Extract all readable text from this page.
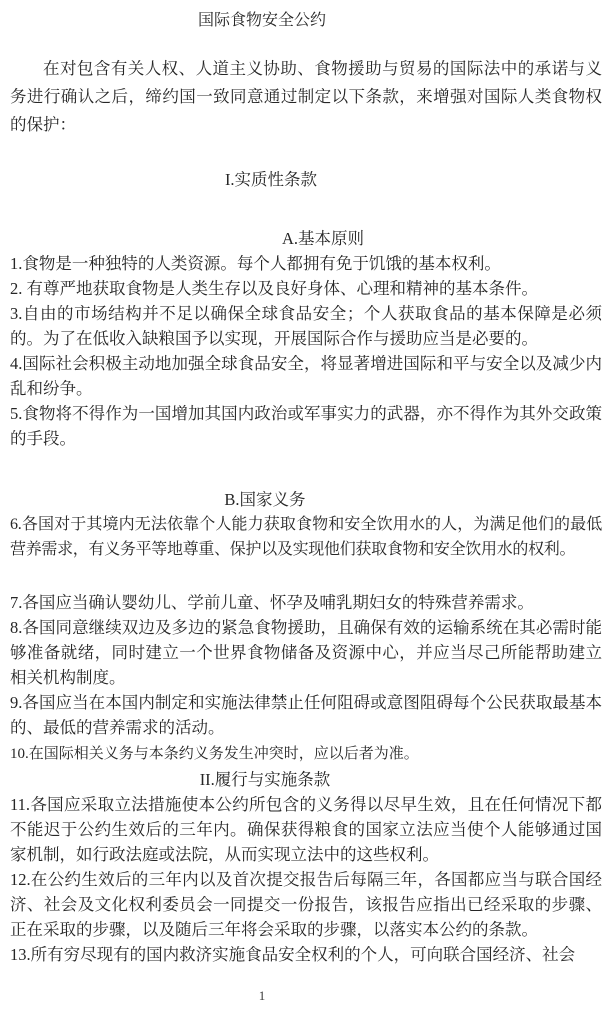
国际食物安全公约

在对包含有关人权、人道主义协助、食物援助与贸易的国际法中的承诺与义务进行确认之后，缔约国一致同意通过制定以下条款，来增强对国际人类食物权的保护：

I.实质性条款
A.基本原则

1.食物是一种独特的人类资源。每个人都拥有免于饥饿的基本权利。

2. 有尊严地获取食物是人类生存以及良好身体、心理和精神的基本条件。

3.自由的市场结构并不足以确保全球食品安全；个人获取食品的基本保障是必须的。为了在低收入缺粮国予以实现，开展国际合作与援助应当是必要的。

4.国际社会积极主动地加强全球食品安全，将显著增进国际和平与安全以及减少内乱和纷争。

5.食物将不得作为一国增加其国内政治或军事实力的武器，亦不得作为其外交政策的手段。

B.国家义务

6.各国对于其境内无法依靠个人能力获取食物和安全饮用水的人，为满足他们的最低营养需求，有义务平等地尊重、保护以及实现他们获取食物和安全饮用水的权利。

7.各国应当确认婴幼儿、学前儿童、怀孕及哺乳期妇女的特殊营养需求。

8.各国同意继续双边及多边的紧急食物援助，且确保有效的运输系统在其必需时能够准备就绪，同时建立一个世界食物储备及资源中心，并应当尽己所能帮助建立相关机构制度。

9.各国应当在本国内制定和实施法律禁止任何阻碍或意图阻碍每个公民获取最基本的、最低的营养需求的活动。

10.在国际相关义务与本条约义务发生冲突时，应以后者为准。

II.履行与实施条款

11.各国应采取立法措施使本公约所包含的义务得以尽早生效，且在任何情况下都不能迟于公约生效后的三年内。确保获得粮食的国家立法应当使个人能够通过国家机制，如行政法庭或法院，从而实现立法中的这些权利。

12.在公约生效后的三年内以及首次提交报告后每隔三年，各国都应当与联合国经济、社会及文化权利委员会一同提交一份报告，该报告应指出已经采取的步骤、正在采取的步骤，以及随后三年将会采取的步骤，以落实本公约的条款。

13.所有穷尽现有的国内救济实施食品安全权利的个人，可向联合国经济、社会

1
